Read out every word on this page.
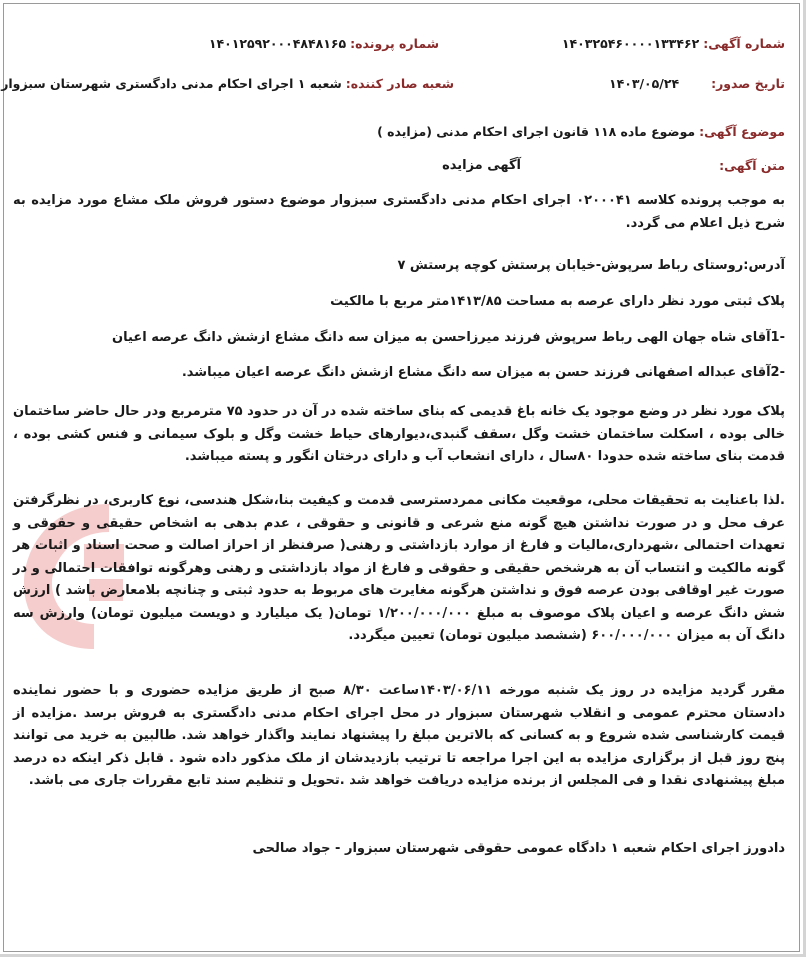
شماره آگهی: ۱۴۰۳۲۵۴۶۰۰۰۰۱۳۳۴۶۲
شماره پرونده: ۱۴۰۱۲۵۹۲۰۰۰۴۸۴۸۱۶۵
تاریخ صدور: ۱۴۰۳/۰۵/۲۴
شعبه صادر کننده: شعبه ۱ اجرای احکام مدنی دادگستری شهرستان سبزوار
موضوع آگهی: موضوع ماده ۱۱۸ قانون اجرای احکام مدنی (مزایده )
متن آگهی:
آگهی مزایده
به موجب پرونده کلاسه ۰۲۰۰۰۴۱ اجرای احکام مدنی دادگستری سبزوار موضوع دستور فروش ملک مشاع مورد مزایده به شرح ذیل اعلام می گردد.
آدرس:روستای رباط سرپوش-خیابان پرستش کوچه پرستش ۷
پلاک ثبتی مورد نظر دارای عرصه به مساحت ۱۴۱۳/۸۵متر مربع با مالکیت
-1آقای شاه جهان الهی رباط سرپوش فرزند میرزاحسن به میزان سه دانگ مشاع ازشش دانگ عرصه اعیان
-2آقای عبداله اصفهانی فرزند حسن به میزان سه دانگ مشاع ازشش دانگ عرصه اعیان میباشد.
پلاک مورد نظر در وضع موجود یک خانه باغ قدیمی که بنای ساخته شده در آن در حدود ۷۵ مترمربع ودر حال حاضر ساختمان خالی بوده ، اسکلت ساختمان خشت وگل ،سقف گنبدی،دیوارهای حیاط خشت وگل و بلوک سیمانی و فنس کشی بوده ، قدمت بنای ساخته شده حدودا ۸۰سال ، دارای انشعاب آب و دارای درختان انگور و پسته میباشد.
.لذا باعنایت به تحقیقات محلی، موقعیت مکانی ممردسترسی قدمت و کیفیت بنا،شکل هندسی، نوع کاربری، در نظرگرفتن عرف محل و در صورت نداشتن هیچ گونه منع شرعی و قانونی و حقوقی ، عدم بدهی به اشخاص حقیقی و حقوقی و تعهدات احتمالی ،شهرداری،مالیات و فارغ از موارد بازداشتی و رهنی( صرفنظر از احراز اصالت و صحت اسناد و اثبات هر گونه مالکیت و انتساب آن به هرشخص حقیقی و حقوقی و فارغ از مواد بازداشتی و رهنی وهرگونه توافقات احتمالی و در صورت غیر اوقافی بودن عرصه فوق و نداشتن هرگونه مغایرت های مربوط به حدود ثبتی و چنانچه بلامعارض باشد ) ارزش شش دانگ عرصه و اعیان پلاک موصوف به مبلغ ۱/۲۰۰/۰۰۰/۰۰۰ تومان( یک میلیارد و دویست میلیون تومان) وارزش سه دانگ آن به میزان ۶۰۰/۰۰۰/۰۰۰ (ششصد میلیون تومان) تعیین میگردد.
مقرر گردید مزایده در روز یک شنبه مورخه ۱۴۰۳/۰۶/۱۱ساعت ۸/۳۰ صبح از طریق مزایده حضوری و با حضور نماینده دادستان محترم عمومی و انقلاب شهرستان سبزوار در محل اجرای احکام مدنی دادگستری به فروش برسد .مزایده از قیمت کارشناسی شده شروع و به کسانی که بالاترین مبلغ را پیشنهاد نمایند واگذار خواهد شد. طالبین به خرید می توانند پنج روز قبل از برگزاری مزایده به این اجرا مراجعه تا ترتیب بازدیدشان از ملک مذکور داده شود . قابل ذکر اینکه ده درصد مبلغ پیشنهادی نقدا و فی المجلس از برنده مزایده دریافت خواهد شد .تحویل و تنظیم سند تابع مقررات جاری می باشد.
دادورز اجرای احکام شعبه ۱ دادگاه عمومی حقوقی شهرستان سبزوار - جواد صالحی
